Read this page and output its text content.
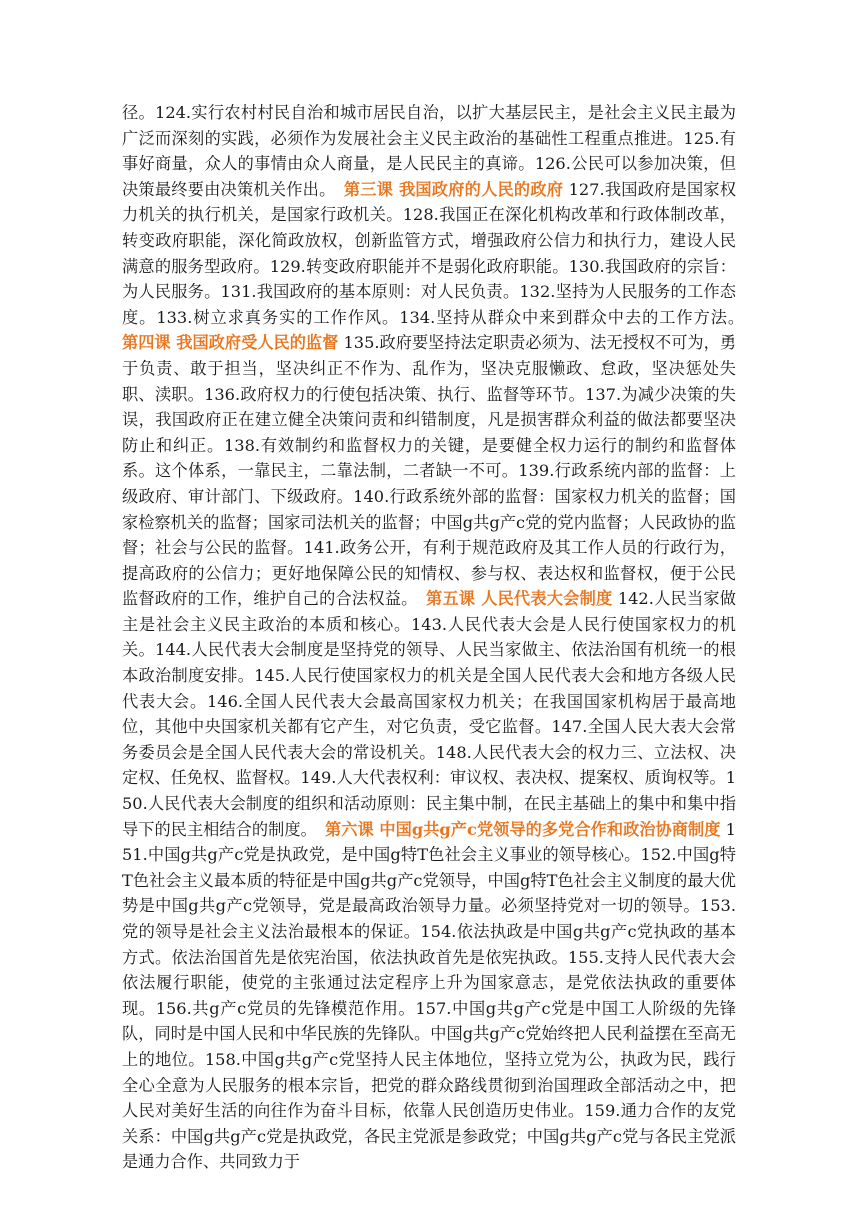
径。124.实行农村村民自治和城市居民自治，以扩大基层民主，是社会主义民主最为广泛而深刻的实践，必须作为发展社会主义民主政治的基础性工程重点推进。125.有事好商量，众人的事情由众人商量，是人民民主的真谛。126.公民可以参加决策，但决策最终要由决策机关作出。　第三课 我国政府的人民的政府 127.我国政府是国家权力机关的执行机关，是国家行政机关。128.我国正在深化机构改革和行政体制改革，转变政府职能，深化简政放权，创新监管方式，增强政府公信力和执行力，建设人民满意的服务型政府。129.转变政府职能并不是弱化政府职能。130.我国政府的宗旨：为人民服务。131.我国政府的基本原则：对人民负责。132.坚持为人民服务的工作态度。133.树立求真务实的工作作风。134.坚持从群众中来到群众中去的工作方法。　第四课 我国政府受人民的监督 135.政府要坚持法定职责必须为、法无授权不可为，勇于负责、敢于担当，坚决纠正不作为、乱作为，坚决克服懒政、怠政，坚决惩处失职、渎职。136.政府权力的行使包括决策、执行、监督等环节。137.为减少决策的失误，我国政府正在建立健全决策问责和纠错制度，凡是损害群众利益的做法都要坚决防止和纠正。138.有效制约和监督权力的关键，是要健全权力运行的制约和监督体系。这个体系，一靠民主，二靠法制，二者缺一不可。139.行政系统内部的监督：上级政府、审计部门、下级政府。140.行政系统外部的监督：国家权力机关的监督；国家检察机关的监督；国家司法机关的监督；中国g共g产c党的党内监督；人民政协的监督；社会与公民的监督。141.政务公开，有利于规范政府及其工作人员的行政行为，提高政府的公信力；更好地保障公民的知情权、参与权、表达权和监督权，便于公民监督政府的工作，维护自己的合法权益。　第五课 人民代表大会制度 142.人民当家做主是社会主义民主政治的本质和核心。143.人民代表大会是人民行使国家权力的机关。144.人民代表大会制度是坚持党的领导、人民当家做主、依法治国有机统一的根本政治制度安排。145.人民行使国家权力的机关是全国人民代表大会和地方各级人民代表大会。146.全国人民代表大会最高国家权力机关；在我国国家机构居于最高地位，其他中央国家机关都有它产生，对它负责，受它监督。147.全国人民大表大会常务委员会是全国人民代表大会的常设机关。148.人民代表大会的权力三、立法权、决定权、任免权、监督权。149.人大代表权利：审议权、表决权、提案权、质询权等。150.人民代表大会制度的组织和活动原则：民主集中制，在民主基础上的集中和集中指导下的民主相结合的制度。　第六课 中国g共g产c党领导的多党合作和政治协商制度 151.中国g共g产c党是执政党，是中国g特T色社会主义事业的领导核心。152.中国g特T色社会主义最本质的特征是中国g共g产c党领导，中国g特T色社会主义制度的最大优势是中国g共g产c党领导，党是最高政治领导力量。必须坚持党对一切的领导。153.党的领导是社会主义法治最根本的保证。154.依法执政是中国g共g产c党执政的基本方式。依法治国首先是依宪治国，依法执政首先是依宪执政。155.支持人民代表大会依法履行职能，使党的主张通过法定程序上升为国家意志，是党依法执政的重要体现。156.共g产c党员的先锋模范作用。157.中国g共g产c党是中国工人阶级的先锋队，同时是中国人民和中华民族的先锋队。中国g共g产c党始终把人民利益摆在至高无上的地位。158.中国g共g产c党坚持人民主体地位，坚持立党为公，执政为民，践行全心全意为人民服务的根本宗旨，把党的群众路线贯彻到治国理政全部活动之中，把人民对美好生活的向往作为奋斗目标，依靠人民创造历史伟业。159.通力合作的友党关系：中国g共g产c党是执政党，各民主党派是参政党；中国g共g产c党与各民主党派是通力合作、共同致力于
